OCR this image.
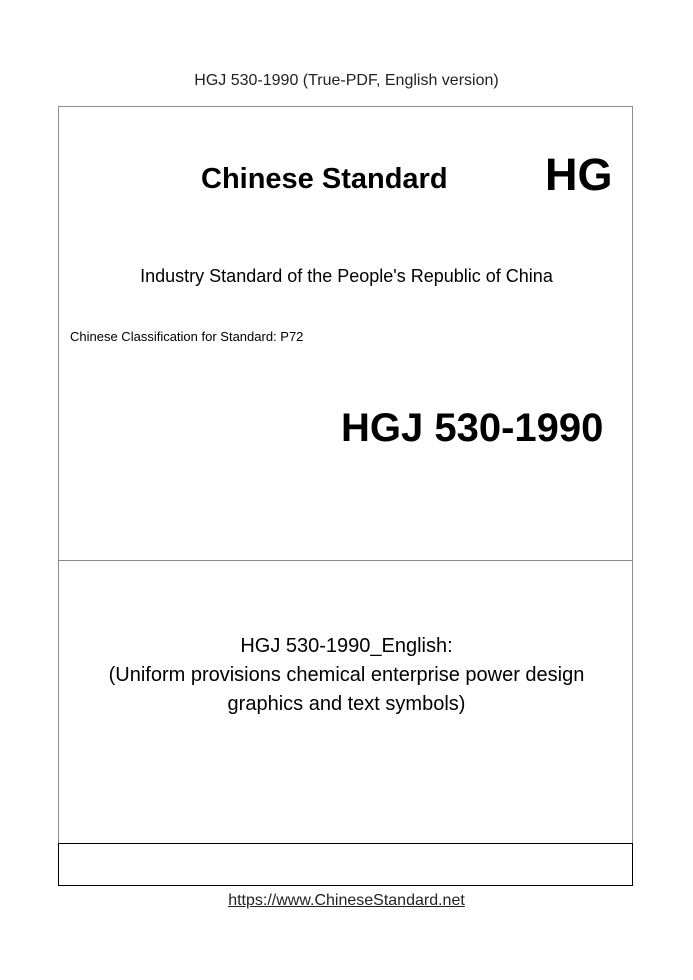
HGJ 530-1990 (True-PDF, English version)
Chinese Standard HG
Industry Standard of the People's Republic of China
Chinese Classification for Standard: P72
HGJ 530-1990
HGJ 530-1990_English:
(Uniform provisions chemical enterprise power design
graphics and text symbols)
https://www.ChineseStandard.net
